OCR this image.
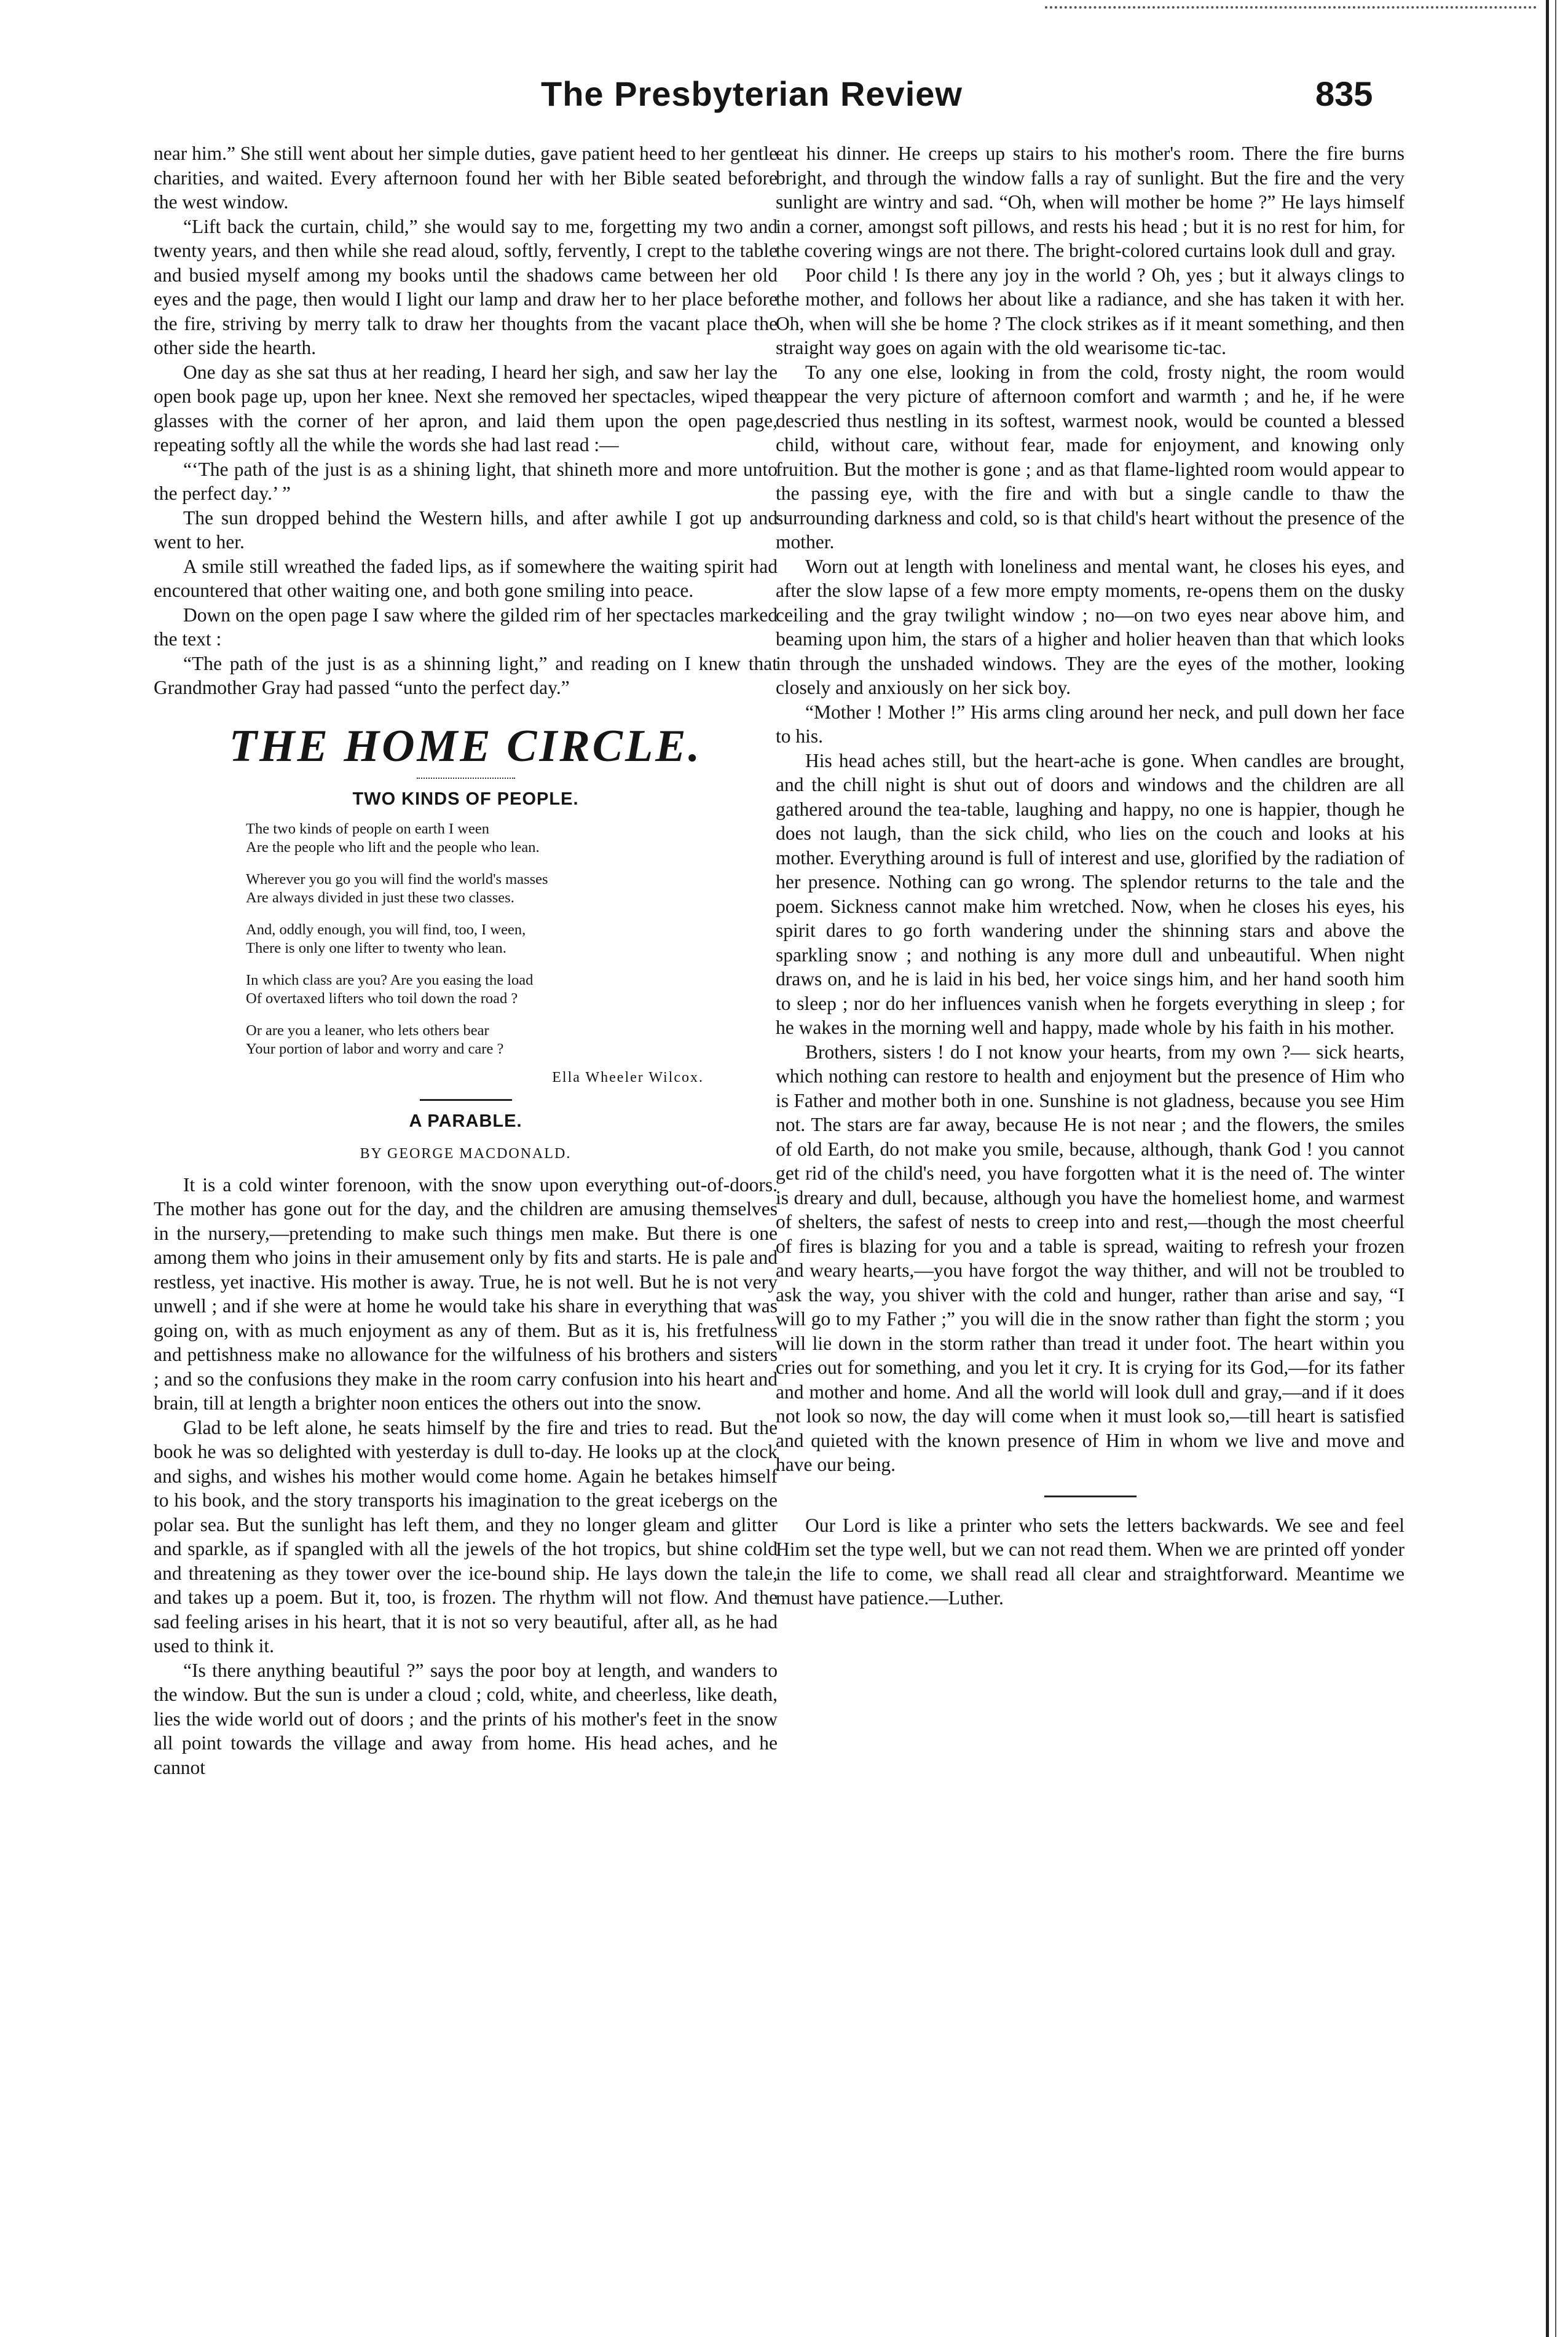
The Presbyterian Review	835

near him.” She still went about her simple duties, gave patient heed to her gentle charities, and waited. Every afternoon found her with her Bible seated before the west window.

“Lift back the curtain, child,” she would say to me, forgetting my two and twenty years, and then while she read aloud, softly, fervently, I crept to the table and busied myself among my books until the shadows came between her old eyes and the page, then would I light our lamp and draw her to her place before the fire, striving by merry talk to draw her thoughts from the vacant place the other side the hearth.

One day as she sat thus at her reading, I heard her sigh, and saw her lay the open book page up, upon her knee. Next she removed her spectacles, wiped the glasses with the corner of her apron, and laid them upon the open page, repeating softly all the while the words she had last read :—

“‘The path of the just is as a shining light, that shineth more and more unto the perfect day.’ ”

The sun dropped behind the Western hills, and after awhile I got up and went to her.

A smile still wreathed the faded lips, as if somewhere the waiting spirit had encountered that other waiting one, and both gone smiling into peace.

Down on the open page I saw where the gilded rim of her spectacles marked the text :

“The path of the just is as a shinning light,” and reading on I knew that Grandmother Gray had passed “unto the perfect day.”

THE HOME CIRCLE.
TWO KINDS OF PEOPLE.
The two kinds of people on earth I ween
Are the people who lift and the people who lean.
Wherever you go you will find the world's masses
Are always divided in just these two classes.
And, oddly enough, you will find, too, I ween,
There is only one lifter to twenty who lean.
In which class are you? Are you easing the load
Of overtaxed lifters who toil down the road ?
Or are you a leaner, who lets others bear
Your portion of labor and worry and care ?
Ella Wheeler Wilcox.
A PARABLE.
BY GEORGE MACDONALD.

It is a cold winter forenoon, with the snow upon everything out-of-doors. The mother has gone out for the day, and the children are amusing themselves in the nursery,—pretending to make such things men make. But there is one among them who joins in their amusement only by fits and starts. He is pale and restless, yet inactive. His mother is away. True, he is not well. But he is not very unwell ; and if she were at home he would take his share in everything that was going on, with as much enjoyment as any of them. But as it is, his fretfulness and pettishness make no allowance for the wilfulness of his brothers and sisters ; and so the confusions they make in the room carry confusion into his heart and brain, till at length a brighter noon entices the others out into the snow.

Glad to be left alone, he seats himself by the fire and tries to read. But the book he was so delighted with yesterday is dull to-day. He looks up at the clock and sighs, and wishes his mother would come home. Again he betakes himself to his book, and the story transports his imagination to the great icebergs on the polar sea. But the sunlight has left them, and they no longer gleam and glitter and sparkle, as if spangled with all the jewels of the hot tropics, but shine cold and threatening as they tower over the ice-bound ship. He lays down the tale, and takes up a poem. But it, too, is frozen. The rhythm will not flow. And the sad feeling arises in his heart, that it is not so very beautiful, after all, as he had used to think it.

“Is there anything beautiful ?” says the poor boy at length, and wanders to the window. But the sun is under a cloud ; cold, white, and cheerless, like death, lies the wide world out of doors ; and the prints of his mother's feet in the snow all point towards the village and away from home. His head aches, and he cannot

eat his dinner. He creeps up stairs to his mother's room. There the fire burns bright, and through the window falls a ray of sunlight. But the fire and the very sunlight are wintry and sad. “Oh, when will mother be home ?” He lays himself in a corner, amongst soft pillows, and rests his head ; but it is no rest for him, for the covering wings are not there. The bright-colored curtains look dull and gray.

Poor child ! Is there any joy in the world ? Oh, yes ; but it always clings to the mother, and follows her about like a radiance, and she has taken it with her. Oh, when will she be home ? The clock strikes as if it meant something, and then straight way goes on again with the old wearisome tic-tac.

To any one else, looking in from the cold, frosty night, the room would appear the very picture of afternoon comfort and warmth ; and he, if he were descried thus nestling in its softest, warmest nook, would be counted a blessed child, without care, without fear, made for enjoyment, and knowing only fruition. But the mother is gone ; and as that flame-lighted room would appear to the passing eye, with the fire and with but a single candle to thaw the surrounding darkness and cold, so is that child's heart without the presence of the mother.

Worn out at length with loneliness and mental want, he closes his eyes, and after the slow lapse of a few more empty moments, re-opens them on the dusky ceiling and the gray twilight window ; no—on two eyes near above him, and beaming upon him, the stars of a higher and holier heaven than that which looks in through the unshaded windows. They are the eyes of the mother, looking closely and anxiously on her sick boy.

“Mother ! Mother !” His arms cling around her neck, and pull down her face to his.

His head aches still, but the heart-ache is gone. When candles are brought, and the chill night is shut out of doors and windows and the children are all gathered around the tea-table, laughing and happy, no one is happier, though he does not laugh, than the sick child, who lies on the couch and looks at his mother. Everything around is full of interest and use, glorified by the radiation of her presence. Nothing can go wrong. The splendor returns to the tale and the poem. Sickness cannot make him wretched. Now, when he closes his eyes, his spirit dares to go forth wandering under the shinning stars and above the sparkling snow ; and nothing is any more dull and unbeautiful. When night draws on, and he is laid in his bed, her voice sings him, and her hand sooth him to sleep ; nor do her influences vanish when he forgets everything in sleep ; for he wakes in the morning well and happy, made whole by his faith in his mother.

Brothers, sisters ! do I not know your hearts, from my own ?— sick hearts, which nothing can restore to health and enjoyment but the presence of Him who is Father and mother both in one. Sunshine is not gladness, because you see Him not. The stars are far away, because He is not near ; and the flowers, the smiles of old Earth, do not make you smile, because, although, thank God ! you cannot get rid of the child's need, you have forgotten what it is the need of. The winter is dreary and dull, because, although you have the homeliest home, and warmest of shelters, the safest of nests to creep into and rest,—though the most cheerful of fires is blazing for you and a table is spread, waiting to refresh your frozen and weary hearts,—you have forgot the way thither, and will not be troubled to ask the way, you shiver with the cold and hunger, rather than arise and say, “I will go to my Father ;” you will die in the snow rather than fight the storm ; you will lie down in the storm rather than tread it under foot. The heart within you cries out for something, and you let it cry. It is crying for its God,—for its father and mother and home. And all the world will look dull and gray,—and if it does not look so now, the day will come when it must look so,—till heart is satisfied and quieted with the known presence of Him in whom we live and move and have our being.

Our Lord is like a printer who sets the letters backwards. We see and feel Him set the type well, but we can not read them. When we are printed off yonder in the life to come, we shall read all clear and straightforward. Meantime we must have patience.—Luther.
